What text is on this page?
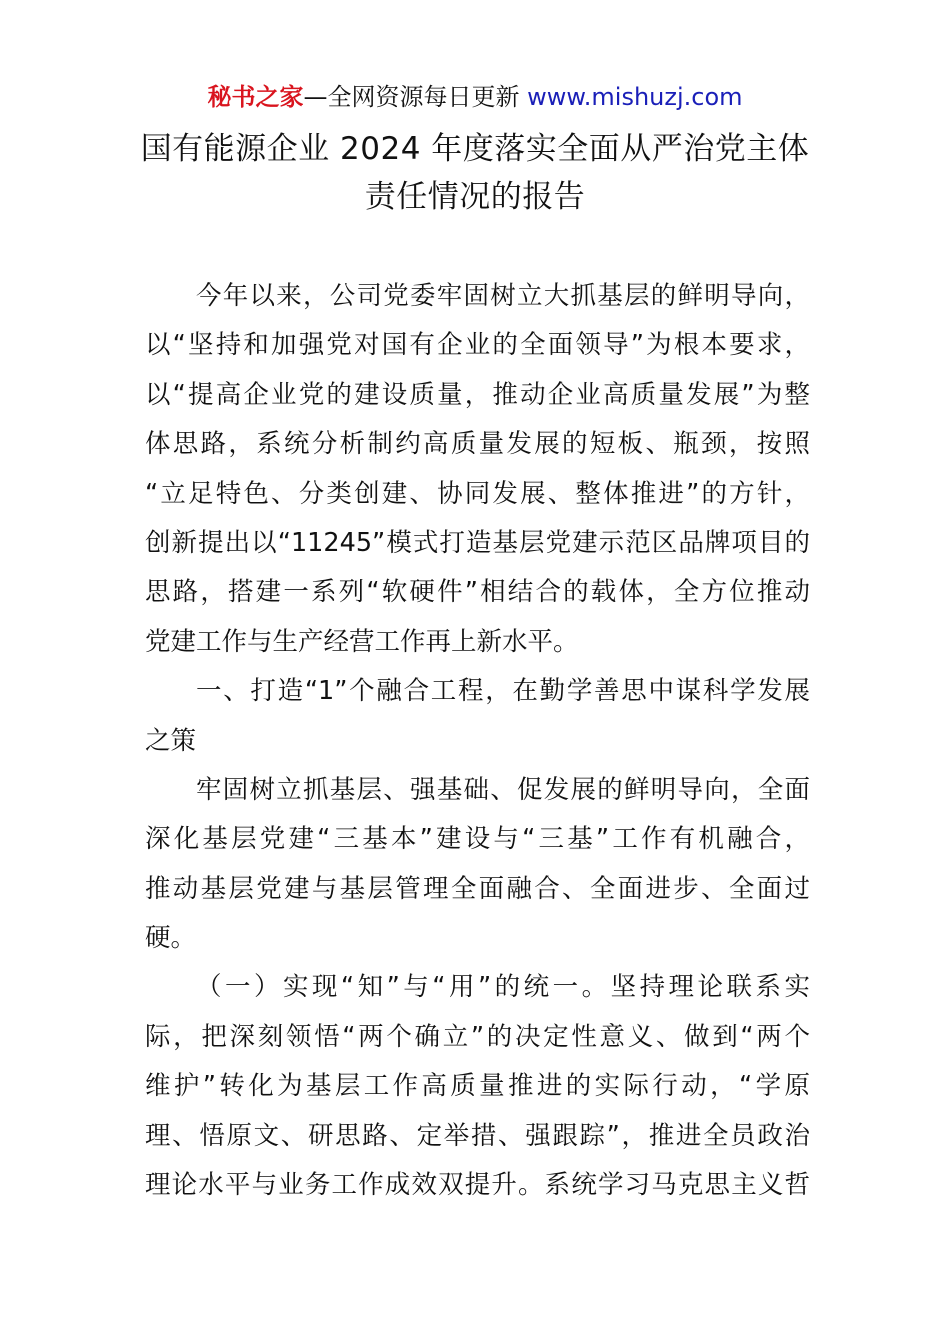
秘书之家—全网资源每日更新 www.mishuzj.com
国有能源企业 2024 年度落实全面从严治党主体
责任情况的报告
今年以来，公司党委牢固树立大抓基层的鲜明导向，
以“坚持和加强党对国有企业的全面领导”为根本要求，
以“提高企业党的建设质量，推动企业高质量发展”为整
体思路，系统分析制约高质量发展的短板、瓶颈，按照
“立足特色、分类创建、协同发展、整体推进”的方针，
创新提出以“11245”模式打造基层党建示范区品牌项目的
思路，搭建一系列“软硬件”相结合的载体，全方位推动
党建工作与生产经营工作再上新水平。
一、打造“1”个融合工程，在勤学善思中谋科学发展
之策
牢固树立抓基层、强基础、促发展的鲜明导向，全面
深化基层党建“三基本”建设与“三基”工作有机融合，
推动基层党建与基层管理全面融合、全面进步、全面过
硬。
（一）实现“知”与“用”的统一。坚持理论联系实
际，把深刻领悟“两个确立”的决定性意义、做到“两个
维护”转化为基层工作高质量推进的实际行动，“学原
理、悟原文、研思路、定举措、强跟踪”，推进全员政治
理论水平与业务工作成效双提升。系统学习马克思主义哲
